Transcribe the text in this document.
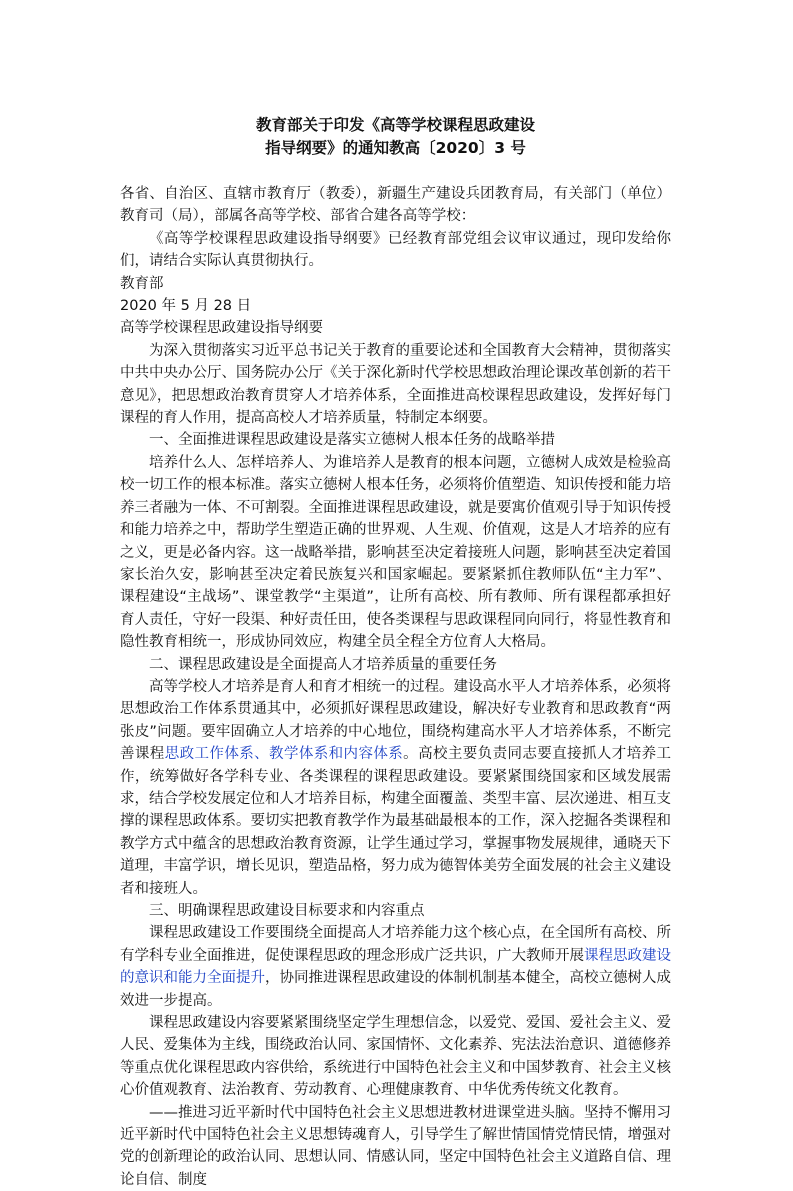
教育部关于印发《高等学校课程思政建设
指导纲要》的通知教高〔2020〕3 号

各省、自治区、直辖市教育厅（教委），新疆生产建设兵团教育局，有关部门（单位）教育司（局），部属各高等学校、部省合建各高等学校：

《高等学校课程思政建设指导纲要》已经教育部党组会议审议通过，现印发给你们，请结合实际认真贯彻执行。

教育部

2020 年 5 月 28 日

高等学校课程思政建设指导纲要

为深入贯彻落实习近平总书记关于教育的重要论述和全国教育大会精神，贯彻落实中共中央办公厅、国务院办公厅《关于深化新时代学校思想政治理论课改革创新的若干意见》，把思想政治教育贯穿人才培养体系，全面推进高校课程思政建设，发挥好每门课程的育人作用，提高高校人才培养质量，特制定本纲要。

一、全面推进课程思政建设是落实立德树人根本任务的战略举措

培养什么人、怎样培养人、为谁培养人是教育的根本问题，立德树人成效是检验高校一切工作的根本标准。落实立德树人根本任务，必须将价值塑造、知识传授和能力培养三者融为一体、不可割裂。全面推进课程思政建设，就是要寓价值观引导于知识传授和能力培养之中，帮助学生塑造正确的世界观、人生观、价值观，这是人才培养的应有之义，更是必备内容。这一战略举措，影响甚至决定着接班人问题，影响甚至决定着国家长治久安，影响甚至决定着民族复兴和国家崛起。要紧紧抓住教师队伍“主力军”、课程建设“主战场”、课堂教学“主渠道”，让所有高校、所有教师、所有课程都承担好育人责任，守好一段渠、种好责任田，使各类课程与思政课程同向同行，将显性教育和隐性教育相统一，形成协同效应，构建全员全程全方位育人大格局。

二、课程思政建设是全面提高人才培养质量的重要任务

高等学校人才培养是育人和育才相统一的过程。建设高水平人才培养体系，必须将思想政治工作体系贯通其中，必须抓好课程思政建设，解决好专业教育和思政教育“两张皮”问题。要牢固确立人才培养的中心地位，围绕构建高水平人才培养体系，不断完善课程思政工作体系、教学体系和内容体系。高校主要负责同志要直接抓人才培养工作，统筹做好各学科专业、各类课程的课程思政建设。要紧紧围绕国家和区域发展需求，结合学校发展定位和人才培养目标，构建全面覆盖、类型丰富、层次递进、相互支撑的课程思政体系。要切实把教育教学作为最基础最根本的工作，深入挖掘各类课程和教学方式中蕴含的思想政治教育资源，让学生通过学习，掌握事物发展规律，通晓天下道理，丰富学识，增长见识，塑造品格，努力成为德智体美劳全面发展的社会主义建设者和接班人。

三、明确课程思政建设目标要求和内容重点

课程思政建设工作要围绕全面提高人才培养能力这个核心点，在全国所有高校、所有学科专业全面推进，促使课程思政的理念形成广泛共识，广大教师开展课程思政建设的意识和能力全面提升，协同推进课程思政建设的体制机制基本健全，高校立德树人成效进一步提高。

课程思政建设内容要紧紧围绕坚定学生理想信念，以爱党、爱国、爱社会主义、爱人民、爱集体为主线，围绕政治认同、家国情怀、文化素养、宪法法治意识、道德修养等重点优化课程思政内容供给，系统进行中国特色社会主义和中国梦教育、社会主义核心价值观教育、法治教育、劳动教育、心理健康教育、中华优秀传统文化教育。

——推进习近平新时代中国特色社会主义思想进教材进课堂进头脑。坚持不懈用习近平新时代中国特色社会主义思想铸魂育人，引导学生了解世情国情党情民情，增强对党的创新理论的政治认同、思想认同、情感认同，坚定中国特色社会主义道路自信、理论自信、制度
